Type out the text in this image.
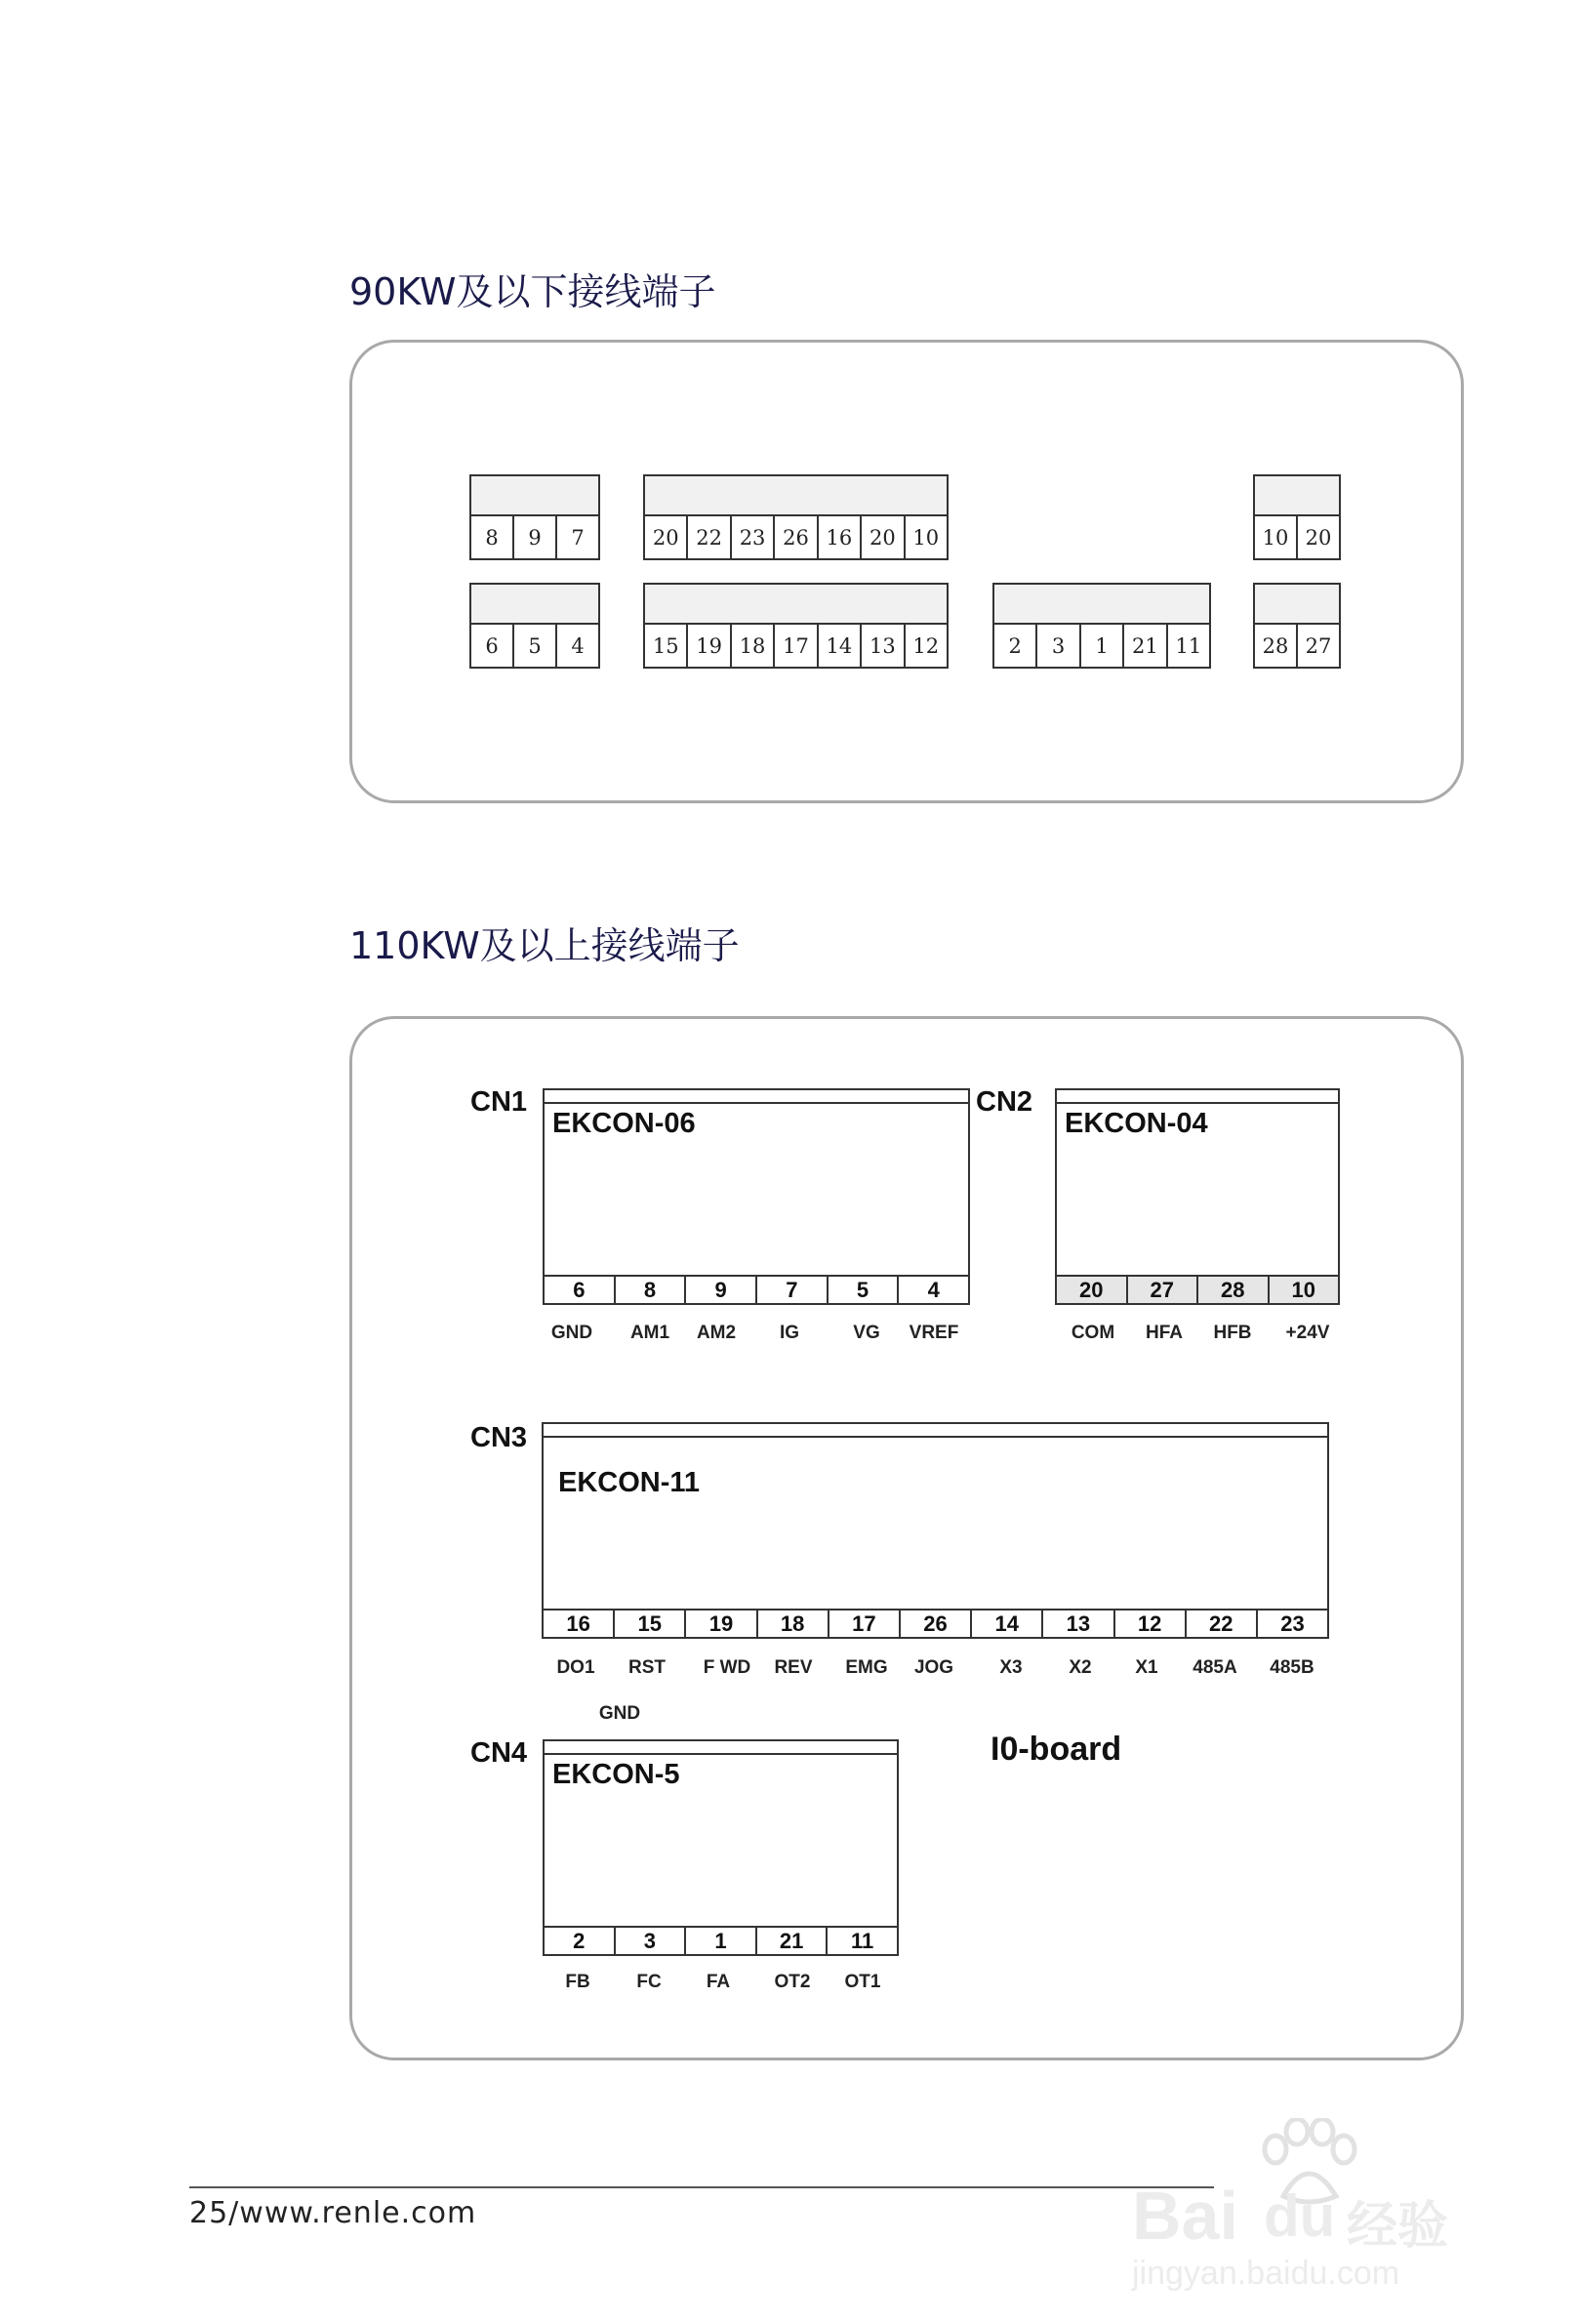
90KW及以下接线端子
8	9	7	20 22 23 26 16 20 10	10 20
6	5	4	15 19 18 17 14 13 12	2	3	1	21 11	28 27
110KW及以上接线端子
CN1
EKCON-06
6	8	9	7	5	4
GND AM1 AM2 IG	VG VREF
CN2
EKCON-04
20	27	28	10
COM HFA HFB +24V
CN3
EKCON-11
16	15	19	18	17	26	14	13	12	22	23
DO1 RST F WD REV EMG JOG X3	X2 X1 485A 485B
GND
CN4
EKCON-5
2	3	1	21	11
FB	FC FA OT2 OT1
I0-board
25/www.renle.com	Bai du 经验
jingyan.baidu.com
